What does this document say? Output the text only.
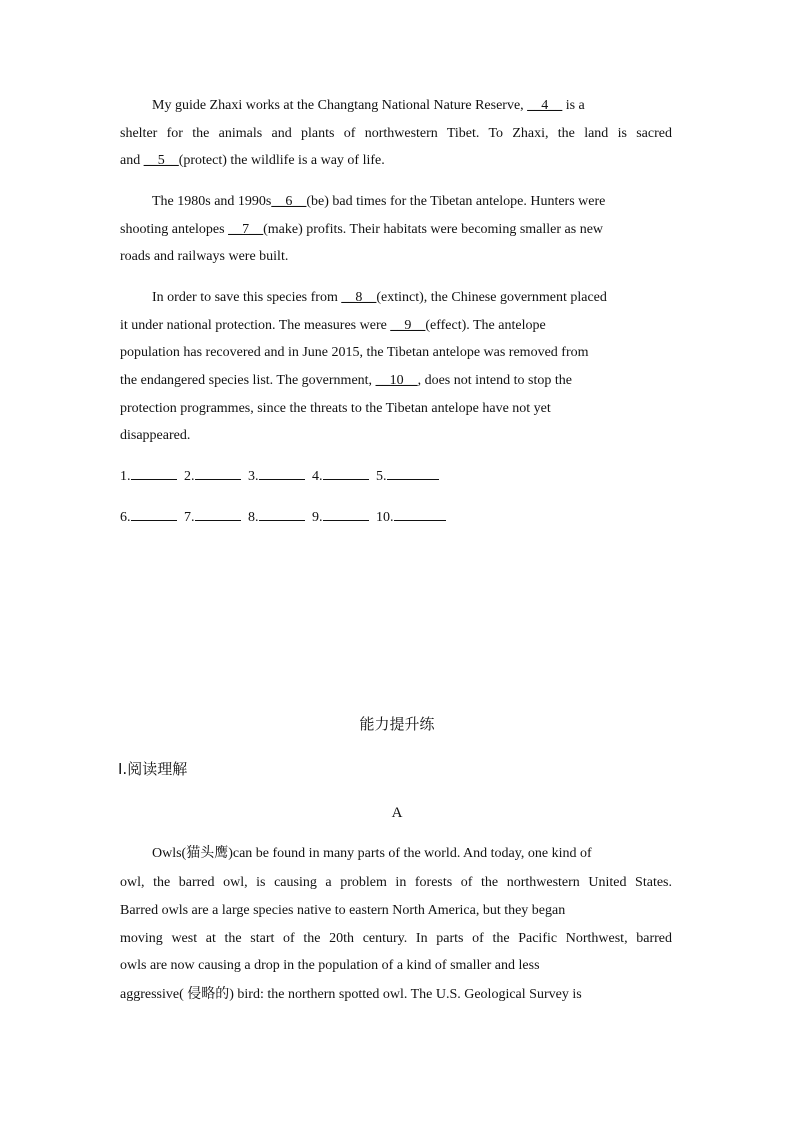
My guide Zhaxi works at the Changtang National Nature Reserve, __4__ is a
shelter for the animals and plants of northwestern Tibet. To Zhaxi, the land is sacred
and __5__(protect) the wildlife is a way of life.
The 1980s and 1990s__6__(be) bad times for the Tibetan antelope. Hunters were
shooting antelopes __7__(make) profits. Their habitats were becoming smaller as new
roads and railways were built.
In order to save this species from __8__(extinct), the Chinese government placed
it under national protection. The measures were __9__(effect). The antelope
population has recovered and in June 2015, the Tibetan antelope was removed from
the endangered species list. The government, __10__, does not intend to stop the
protection programmes, since the threats to the Tibetan antelope have not yet
disappeared.
1.	2.	3.	4.	5.
6.	7.	8.	9.	10.
能力提升练
Ⅰ.阅读理解
A
Owls(猫头鹰)can be found in many parts of the world. And today, one kind of
owl, the barred owl, is causing a problem in forests of the northwestern United States.
Barred owls are a large species native to eastern North America, but they began
moving west at the start of the 20th century. In parts of the Pacific Northwest, barred
owls are now causing a drop in the population of a kind of smaller and less
aggressive( 侵略的) bird: the northern spotted owl. The U.S. Geological Survey is
